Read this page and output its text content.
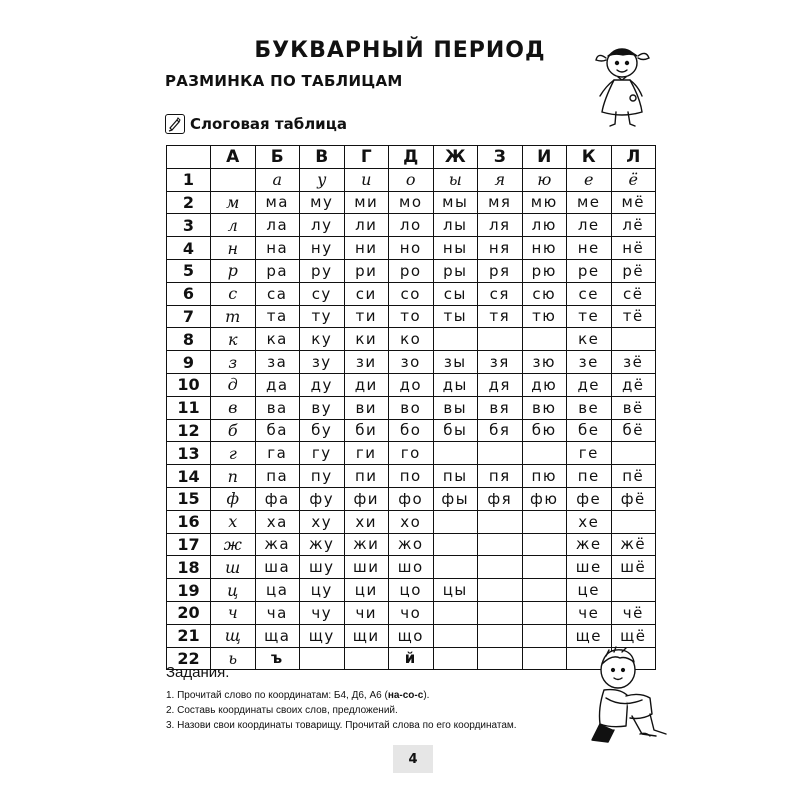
БУКВАРНЫЙ ПЕРИОД
РАЗМИНКА ПО ТАБЛИЦАМ
Слоговая таблица
	А	Б	В	Г	Д	Ж	З	И	К	Л
1		а	у	и	о	ы	я	ю	е	ё
2	м	ма	му	ми	мо	мы	мя	мю	ме	мё
3	л	ла	лу	ли	ло	лы	ля	лю	ле	лё
4	н	на	ну	ни	но	ны	ня	ню	не	нё
5	р	ра	ру	ри	ро	ры	ря	рю	ре	рё
6	с	са	су	си	со	сы	ся	сю	се	сё
7	т	та	ту	ти	то	ты	тя	тю	те	тё
8	к	ка	ку	ки	ко				ке	
9	з	за	зу	зи	зо	зы	зя	зю	зе	зё
10	д	да	ду	ди	до	ды	дя	дю	де	дё
11	в	ва	ву	ви	во	вы	вя	вю	ве	вё
12	б	ба	бу	би	бо	бы	бя	бю	бе	бё
13	г	га	гу	ги	го				ге	
14	п	па	пу	пи	по	пы	пя	пю	пе	пё
15	ф	фа	фу	фи	фо	фы	фя	фю	фе	фё
16	х	ха	ху	хи	хо				хе	
17	ж	жа	жу	жи	жо				же	жё
18	ш	ша	шу	ши	шо				ше	шё
19	ц	ца	цу	ци	цо	цы			це	
20	ч	ча	чу	чи	чо				че	чё
21	щ	ща	щу	щи	що				ще	щё
22	ь	ъ			й					
Задания.
1. Прочитай слово по координатам: Б4, Д6, А6 (на-со-с).
2. Составь координаты своих слов, предложений.
3. Назови свои координаты товарищу. Прочитай слова по его координатам.
4
